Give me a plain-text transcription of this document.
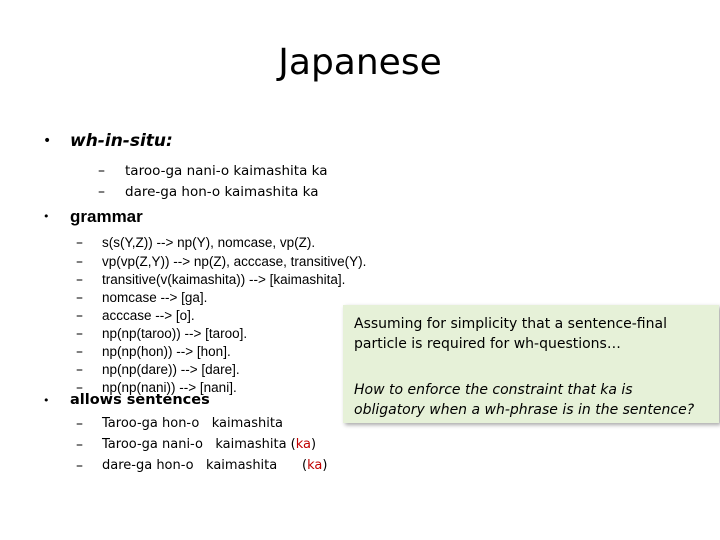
Japanese
• wh-in-situ:
– taroo-ga nani-o kaimashita ka
– dare-ga hon-o kaimashita ka
• grammar
– s(s(Y,Z)) --> np(Y), nomcase, vp(Z).
– vp(vp(Z,Y)) --> np(Z), acccase, transitive(Y).
– transitive(v(kaimashita)) --> [kaimashita].
– nomcase --> [ga].
– acccase --> [o].
– np(np(taroo)) --> [taroo].
– np(np(hon)) --> [hon].
– np(np(dare)) --> [dare].
– np(np(nani)) --> [nani].
• allows sentences
– Taroo-ga hon-o   kaimashita
– Taroo-ga nani-o   kaimashita (ka)
– dare-ga hon-o   kaimashita      (ka)
Assuming for simplicity that a sentence-final
particle is required for wh-questions…
How to enforce the constraint that ka is
obligatory when a wh-phrase is in the sentence?
